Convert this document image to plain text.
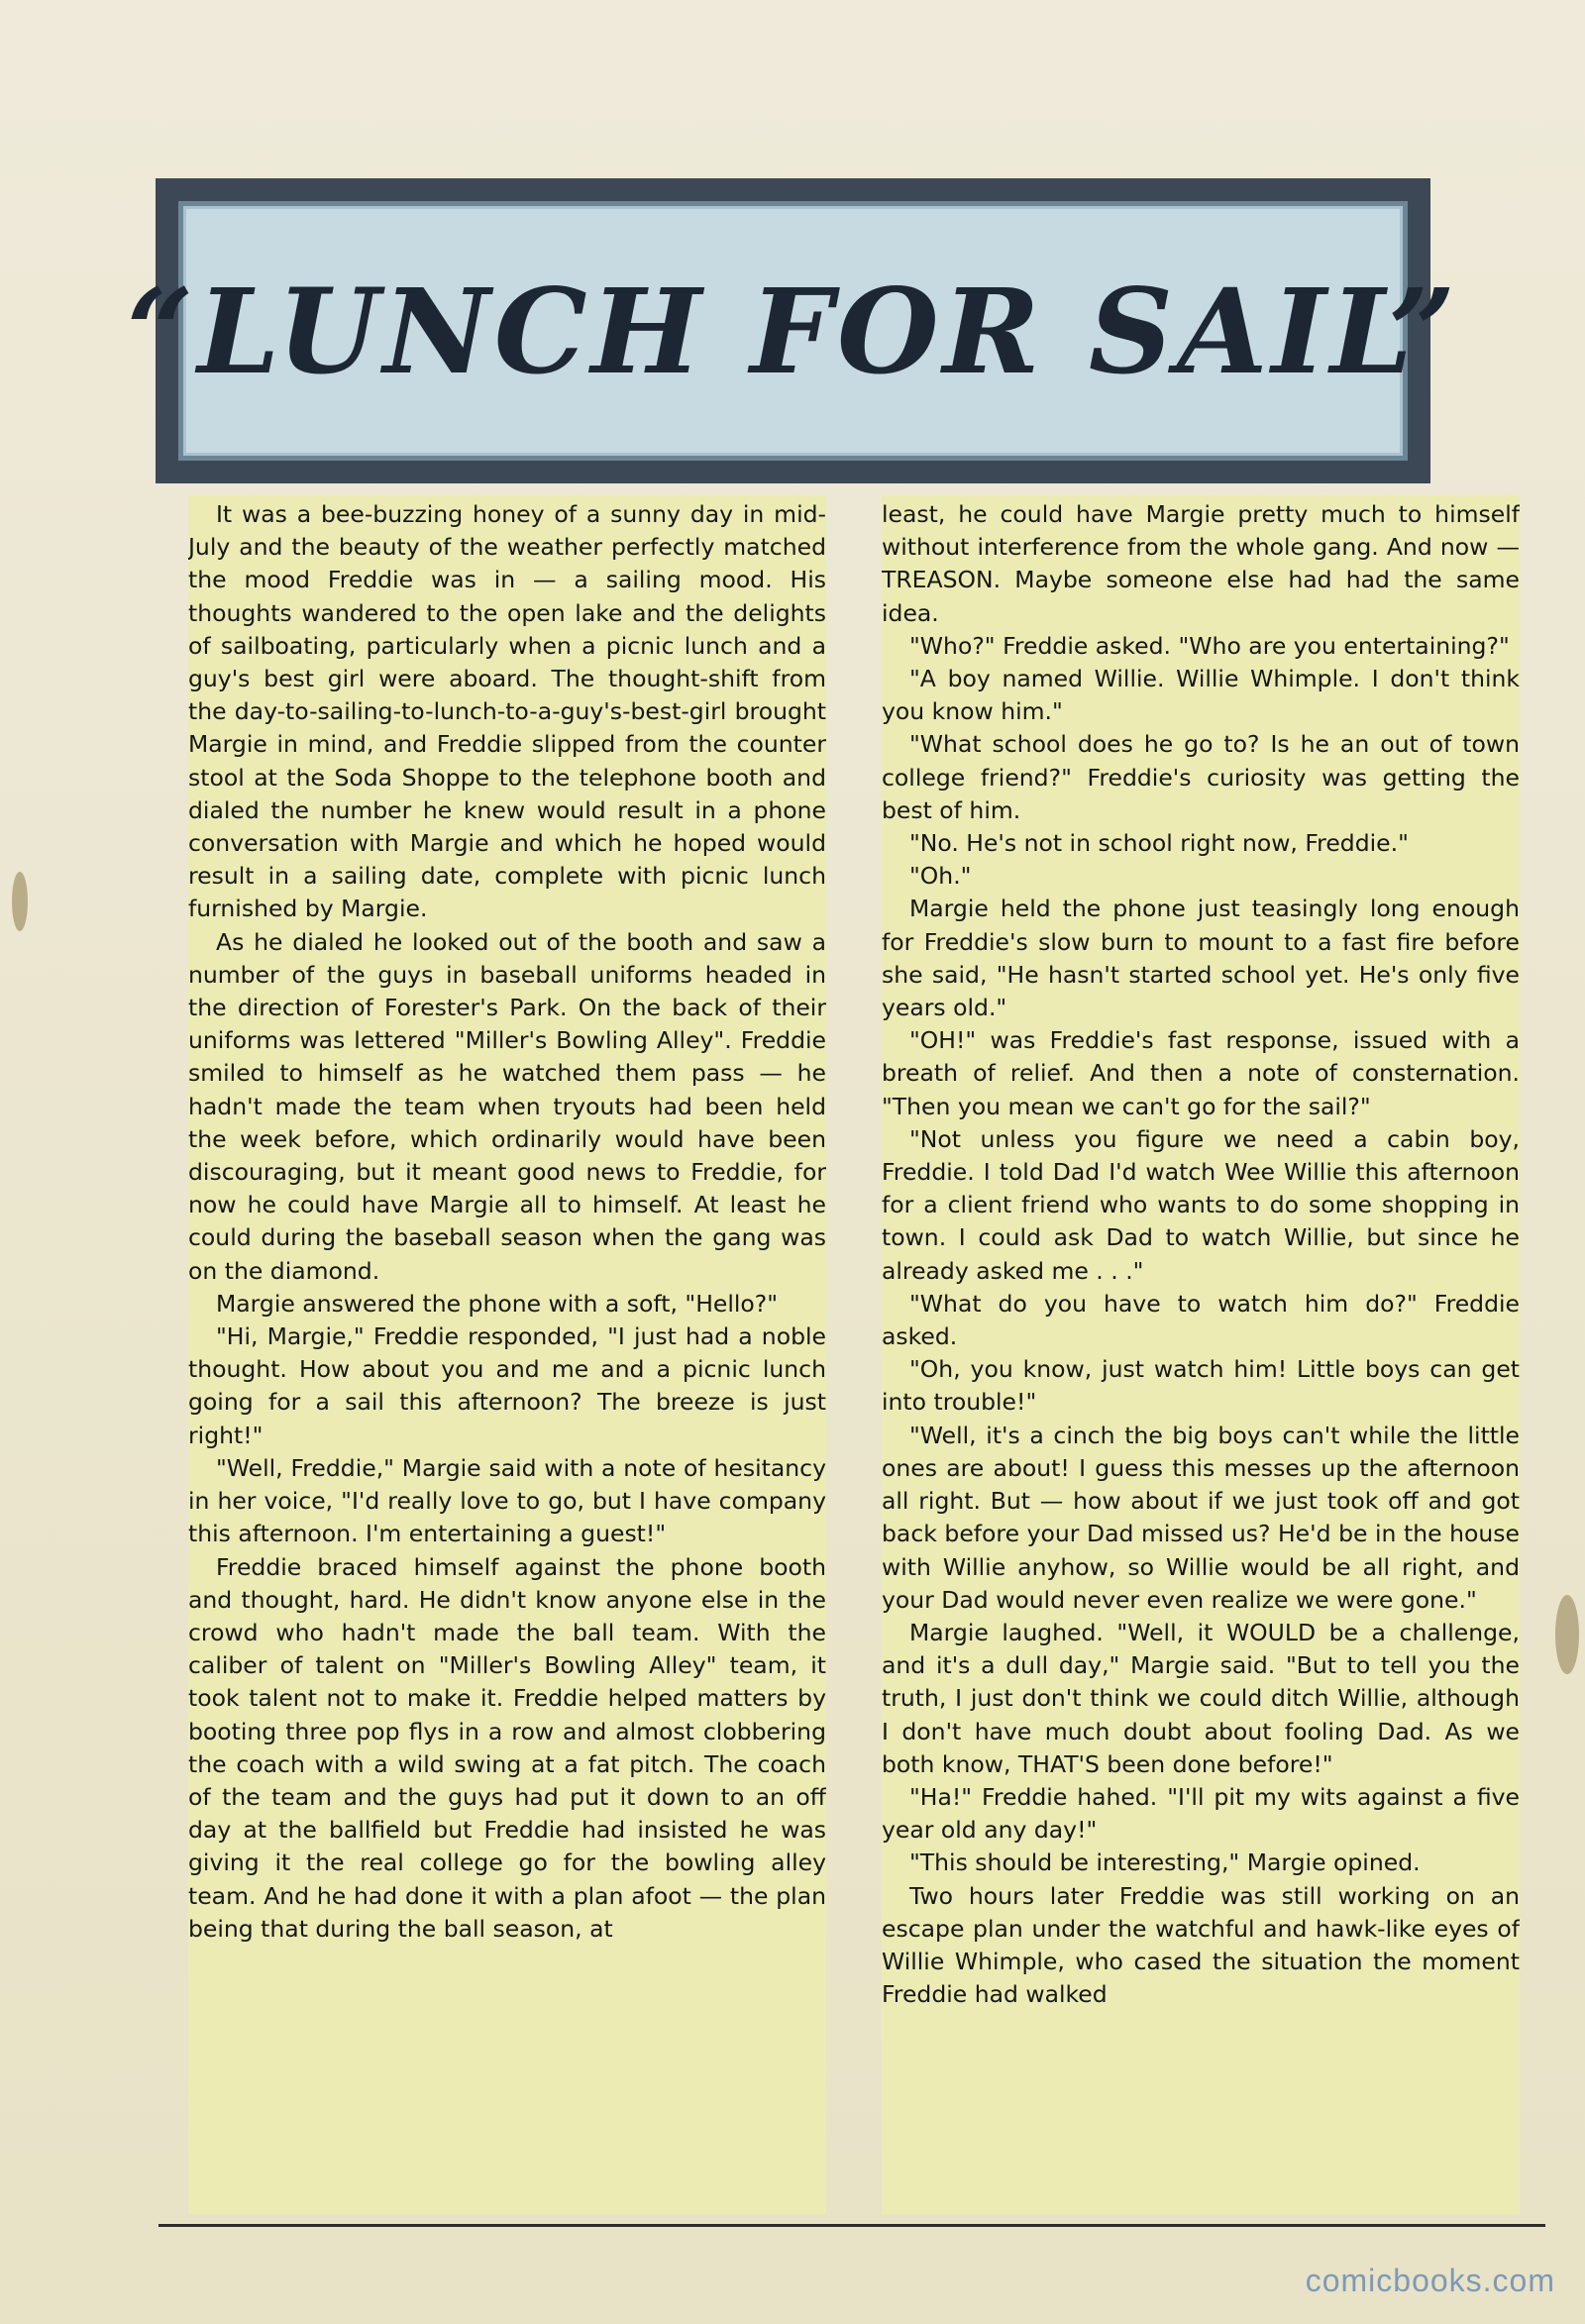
“LUNCH FOR SAIL”

It was a bee-buzzing honey of a sunny day in mid-July and the beauty of the weather perfectly matched the mood Freddie was in — a sailing mood. His thoughts wandered to the open lake and the delights of sailboating, particularly when a picnic lunch and a guy's best girl were aboard. The thought-shift from the day-to-sailing-to-lunch-to-a-guy's-best-girl brought Margie in mind, and Freddie slipped from the counter stool at the Soda Shoppe to the telephone booth and dialed the number he knew would result in a phone conversation with Margie and which he hoped would result in a sailing date, complete with picnic lunch furnished by Margie.

As he dialed he looked out of the booth and saw a number of the guys in baseball uniforms headed in the direction of Forester's Park. On the back of their uniforms was lettered "Miller's Bowling Alley". Freddie smiled to himself as he watched them pass — he hadn't made the team when tryouts had been held the week before, which ordinarily would have been discouraging, but it meant good news to Freddie, for now he could have Margie all to himself. At least he could during the baseball season when the gang was on the diamond.

Margie answered the phone with a soft, "Hello?"

"Hi, Margie," Freddie responded, "I just had a noble thought. How about you and me and a picnic lunch going for a sail this afternoon? The breeze is just right!"

"Well, Freddie," Margie said with a note of hesitancy in her voice, "I'd really love to go, but I have company this afternoon. I'm entertaining a guest!"

Freddie braced himself against the phone booth and thought, hard. He didn't know anyone else in the crowd who hadn't made the ball team. With the caliber of talent on "Miller's Bowling Alley" team, it took talent not to make it. Freddie helped matters by booting three pop flys in a row and almost clobbering the coach with a wild swing at a fat pitch. The coach of the team and the guys had put it down to an off day at the ballfield but Freddie had insisted he was giving it the real college go for the bowling alley team. And he had done it with a plan afoot — the plan being that during the ball season, at

least, he could have Margie pretty much to himself without interference from the whole gang. And now — TREASON. Maybe someone else had had the same idea.

"Who?" Freddie asked. "Who are you entertaining?"

"A boy named Willie. Willie Whimple. I don't think you know him."

"What school does he go to? Is he an out of town college friend?" Freddie's curiosity was getting the best of him.

"No. He's not in school right now, Freddie."

"Oh."

Margie held the phone just teasingly long enough for Freddie's slow burn to mount to a fast fire before she said, "He hasn't started school yet. He's only five years old."

"OH!" was Freddie's fast response, issued with a breath of relief. And then a note of consternation. "Then you mean we can't go for the sail?"

"Not unless you figure we need a cabin boy, Freddie. I told Dad I'd watch Wee Willie this afternoon for a client friend who wants to do some shopping in town. I could ask Dad to watch Willie, but since he already asked me . . ."

"What do you have to watch him do?" Freddie asked.

"Oh, you know, just watch him! Little boys can get into trouble!"

"Well, it's a cinch the big boys can't while the little ones are about! I guess this messes up the afternoon all right. But — how about if we just took off and got back before your Dad missed us? He'd be in the house with Willie anyhow, so Willie would be all right, and your Dad would never even realize we were gone."

Margie laughed. "Well, it WOULD be a challenge, and it's a dull day," Margie said. "But to tell you the truth, I just don't think we could ditch Willie, although I don't have much doubt about fooling Dad. As we both know, THAT'S been done before!"

"Ha!" Freddie hahed. "I'll pit my wits against a five year old any day!"

"This should be interesting," Margie opined.

Two hours later Freddie was still working on an escape plan under the watchful and hawk-like eyes of Willie Whimple, who cased the situation the moment Freddie had walked

comicbooks.com
